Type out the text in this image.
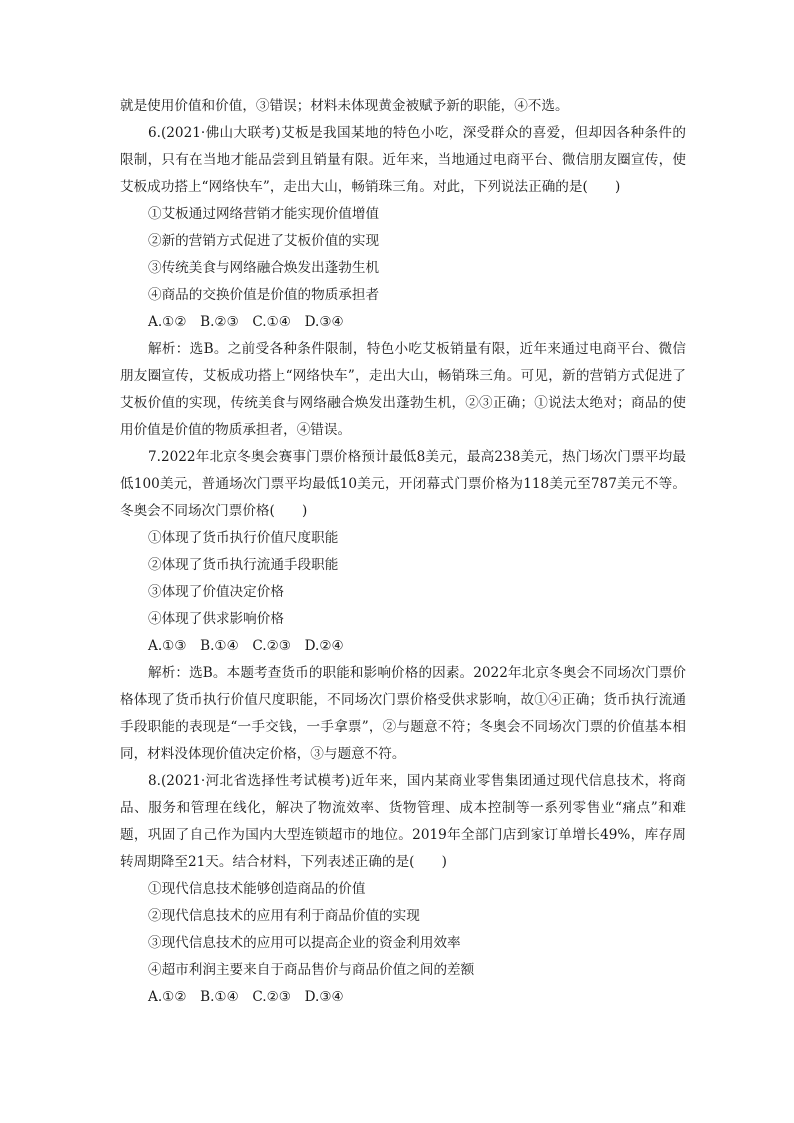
就是使用价值和价值，③错误；材料未体现黄金被赋予新的职能，④不选。

6.(2021·佛山大联考)艾板是我国某地的特色小吃，深受群众的喜爱，但却因各种条件的限制，只有在当地才能品尝到且销量有限。近年来，当地通过电商平台、微信朋友圈宣传，使艾板成功搭上“网络快车”，走出大山，畅销珠三角。对此，下列说法正确的是(　　)

①艾板通过网络营销才能实现价值增值

②新的营销方式促进了艾板价值的实现

③传统美食与网络融合焕发出蓬勃生机

④商品的交换价值是价值的物质承担者

A.①②　B.②③　C.①④　D.③④

解析：选B。之前受各种条件限制，特色小吃艾板销量有限，近年来通过电商平台、微信朋友圈宣传，艾板成功搭上“网络快车”，走出大山，畅销珠三角。可见，新的营销方式促进了艾板价值的实现，传统美食与网络融合焕发出蓬勃生机，②③正确；①说法太绝对；商品的使用价值是价值的物质承担者，④错误。

7.2022年北京冬奥会赛事门票价格预计最低8美元，最高238美元，热门场次门票平均最低100美元，普通场次门票平均最低10美元，开闭幕式门票价格为118美元至787美元不等。冬奥会不同场次门票价格(　　)

①体现了货币执行价值尺度职能

②体现了货币执行流通手段职能

③体现了价值决定价格

④体现了供求影响价格

A.①③　B.①④　C.②③　D.②④

解析：选B。本题考查货币的职能和影响价格的因素。2022年北京冬奥会不同场次门票价格体现了货币执行价值尺度职能，不同场次门票价格受供求影响，故①④正确；货币执行流通手段职能的表现是“一手交钱，一手拿票”，②与题意不符；冬奥会不同场次门票的价值基本相同，材料没体现价值决定价格，③与题意不符。

8.(2021·河北省选择性考试模考)近年来，国内某商业零售集团通过现代信息技术，将商品、服务和管理在线化，解决了物流效率、货物管理、成本控制等一系列零售业“痛点”和难题，巩固了自己作为国内大型连锁超市的地位。2019年全部门店到家订单增长49%，库存周转周期降至21天。结合材料，下列表述正确的是(　　)

①现代信息技术能够创造商品的价值

②现代信息技术的应用有利于商品价值的实现

③现代信息技术的应用可以提高企业的资金利用效率

④超市利润主要来自于商品售价与商品价值之间的差额

A.①②　B.①④　C.②③　D.③④
